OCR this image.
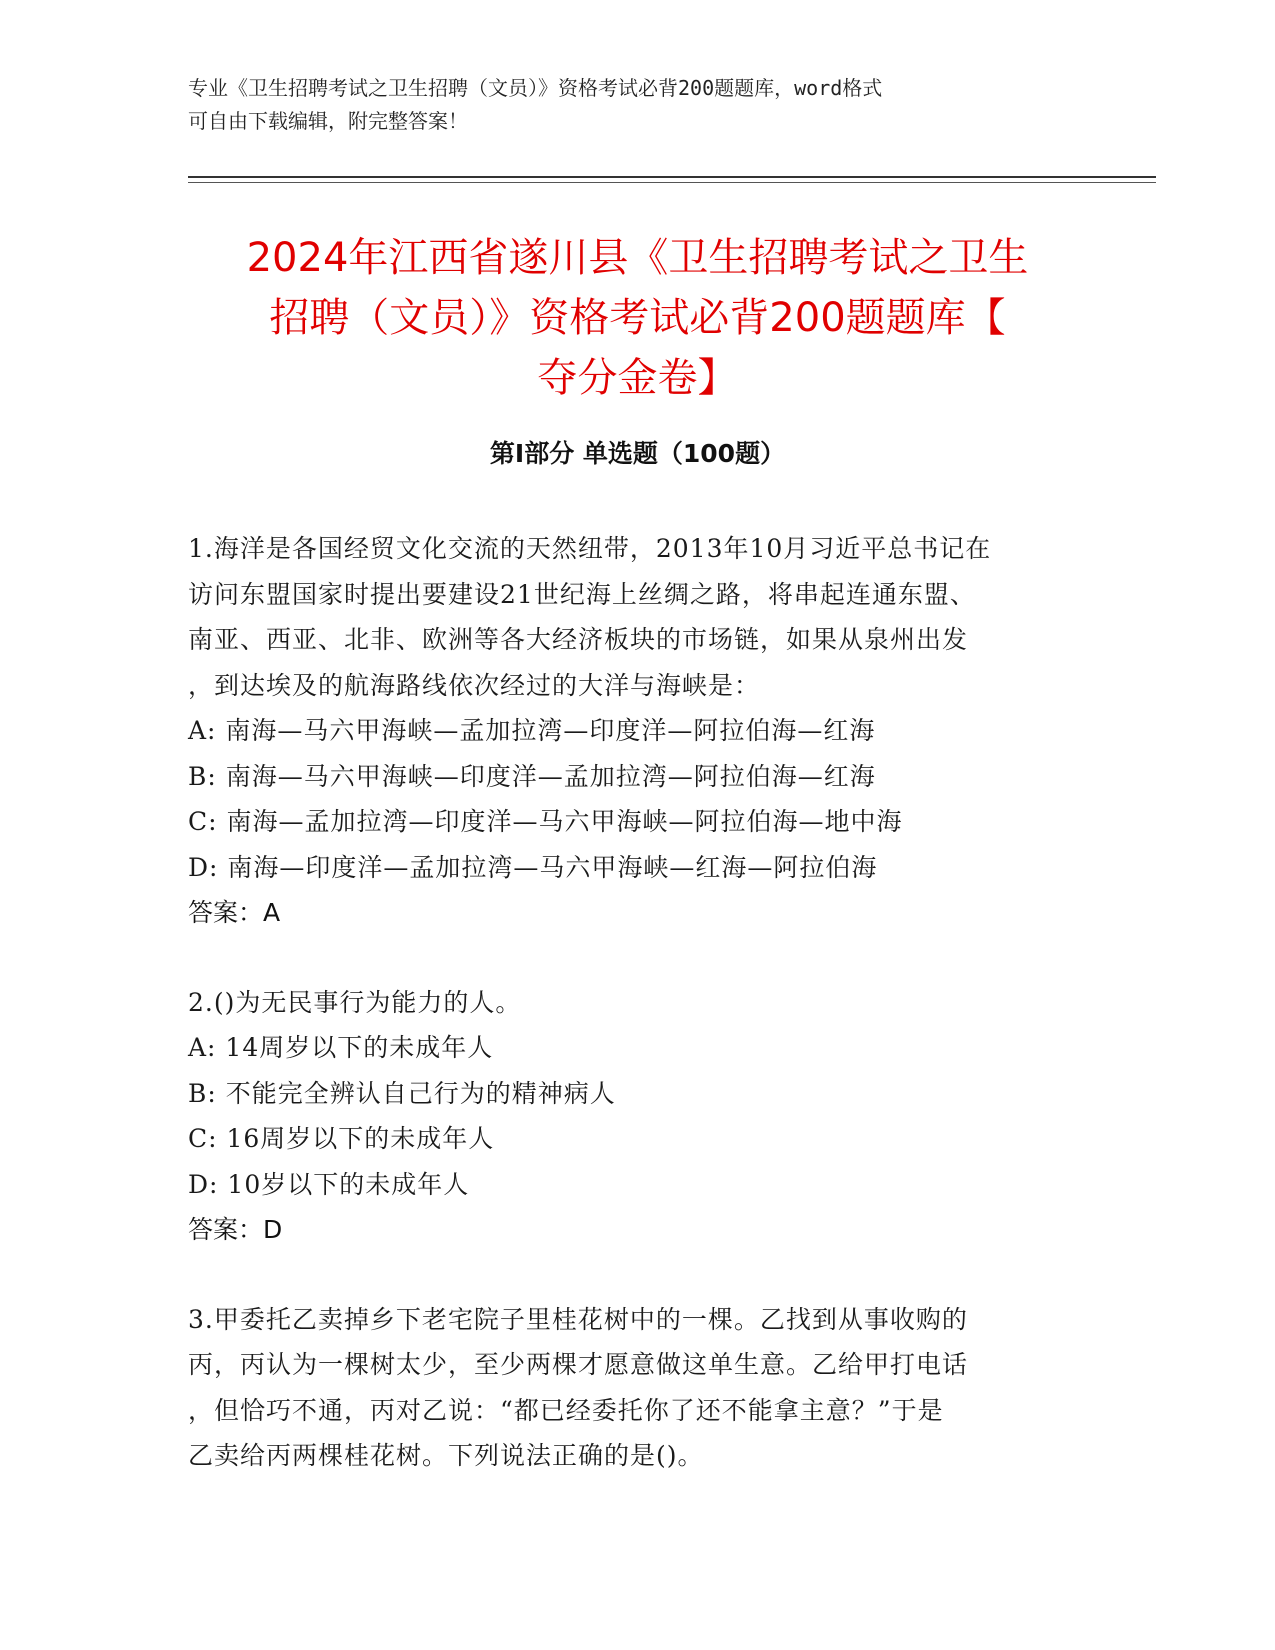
专业《卫生招聘考试之卫生招聘（文员）》资格考试必背200题题库，word格式
可自由下载编辑，附完整答案！
2024年江西省遂川县《卫生招聘考试之卫生
招聘（文员）》资格考试必背200题题库【
夺分金卷】
第Ⅰ部分 单选题（100题）

1.海洋是各国经贸文化交流的天然纽带，2013年10月习近平总书记在

访问东盟国家时提出要建设21世纪海上丝绸之路，将串起连通东盟、

南亚、西亚、北非、欧洲等各大经济板块的市场链，如果从泉州出发

，到达埃及的航海路线依次经过的大洋与海峡是：

A: 南海—马六甲海峡—孟加拉湾—印度洋—阿拉伯海—红海

B: 南海—马六甲海峡—印度洋—孟加拉湾—阿拉伯海—红海

C: 南海—孟加拉湾—印度洋—马六甲海峡—阿拉伯海—地中海

D: 南海—印度洋—孟加拉湾—马六甲海峡—红海—阿拉伯海

答案：A

2.()为无民事行为能力的人。

A: 14周岁以下的未成年人

B: 不能完全辨认自己行为的精神病人

C: 16周岁以下的未成年人

D: 10岁以下的未成年人

答案：D

3.甲委托乙卖掉乡下老宅院子里桂花树中的一棵。乙找到从事收购的

丙，丙认为一棵树太少，至少两棵才愿意做这单生意。乙给甲打电话

，但恰巧不通，丙对乙说：“都已经委托你了还不能拿主意？”于是

乙卖给丙两棵桂花树。下列说法正确的是()。
